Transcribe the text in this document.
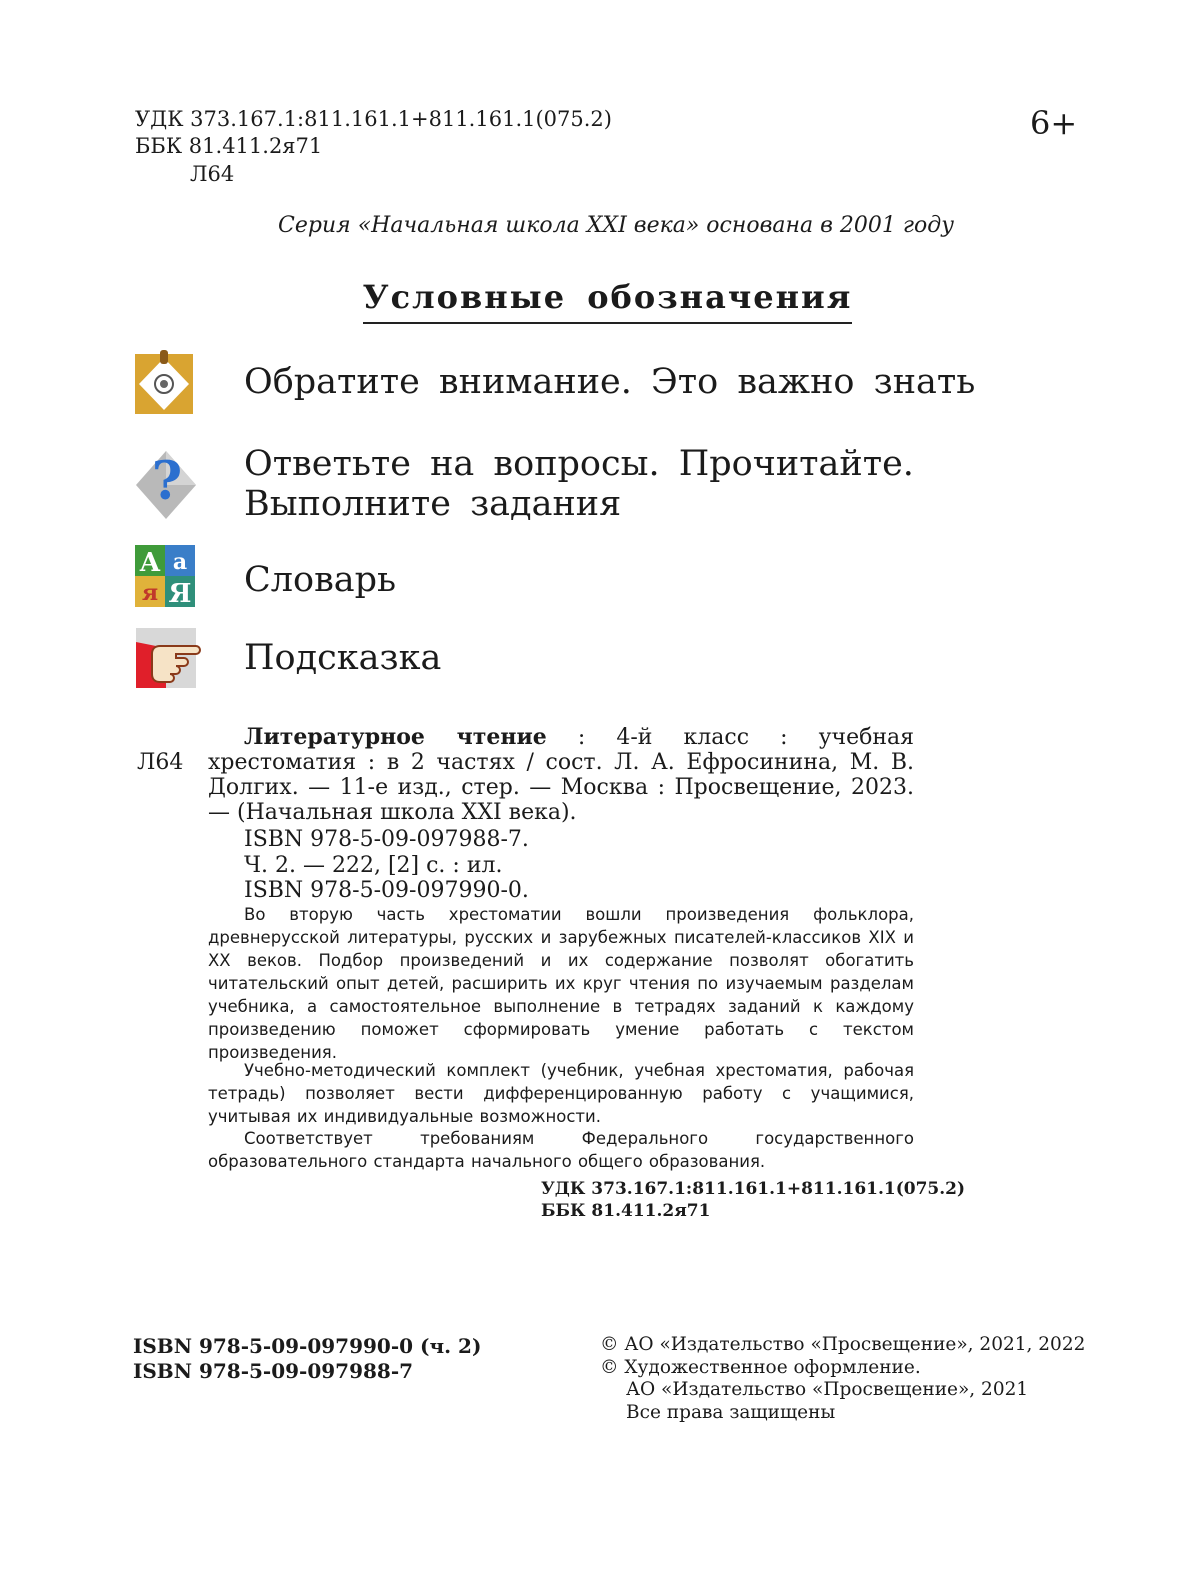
УДК 373.167.1:811.161.1+811.161.1(075.2)
ББК 81.411.2я71
Л64
6+
Серия «Начальная школа XXI века» основана в 2001 году
Условные обозначения
Обратите внимание. Это важно знать
? Ответьте на вопросы. Прочитайте.
Выполните задания
А а
я Я Словарь
Подсказка
Л64
Литературное чтение : 4-й класс : учебная хрестоматия : в 2 частях / сост. Л. А. Ефросинина, М. В. Долгих. — 11-е изд., стер. — Москва : Просвещение, 2023. — (Начальная школа XXI века).
ISBN 978-5-09-097988-7.
Ч. 2. — 222, [2] с. : ил.
ISBN 978-5-09-097990-0.
Во вторую часть хрестоматии вошли произведения фольклора, древнерусской литературы, русских и зарубежных писателей-классиков XIX и XX веков. Подбор произведений и их содержание позволят обогатить читательский опыт детей, расширить их круг чтения по изучаемым разделам учебника, а самостоятельное выполнение в тетрадях заданий к каждому произведению поможет сформировать умение работать с текстом произведения.
Учебно-методический комплект (учебник, учебная хрестоматия, рабочая тетрадь) позволяет вести дифференцированную работу с учащимися, учитывая их индивидуальные возможности.
Соответствует требованиям Федерального государственного образовательного стандарта начального общего образования.
УДК 373.167.1:811.161.1+811.161.1(075.2)
ББК 81.411.2я71
ISBN 978-5-09-097990-0 (ч. 2)
ISBN 978-5-09-097988-7
© АО «Издательство «Просвещение», 2021, 2022
© Художественное оформление.
АО «Издательство «Просвещение», 2021
Все права защищены
